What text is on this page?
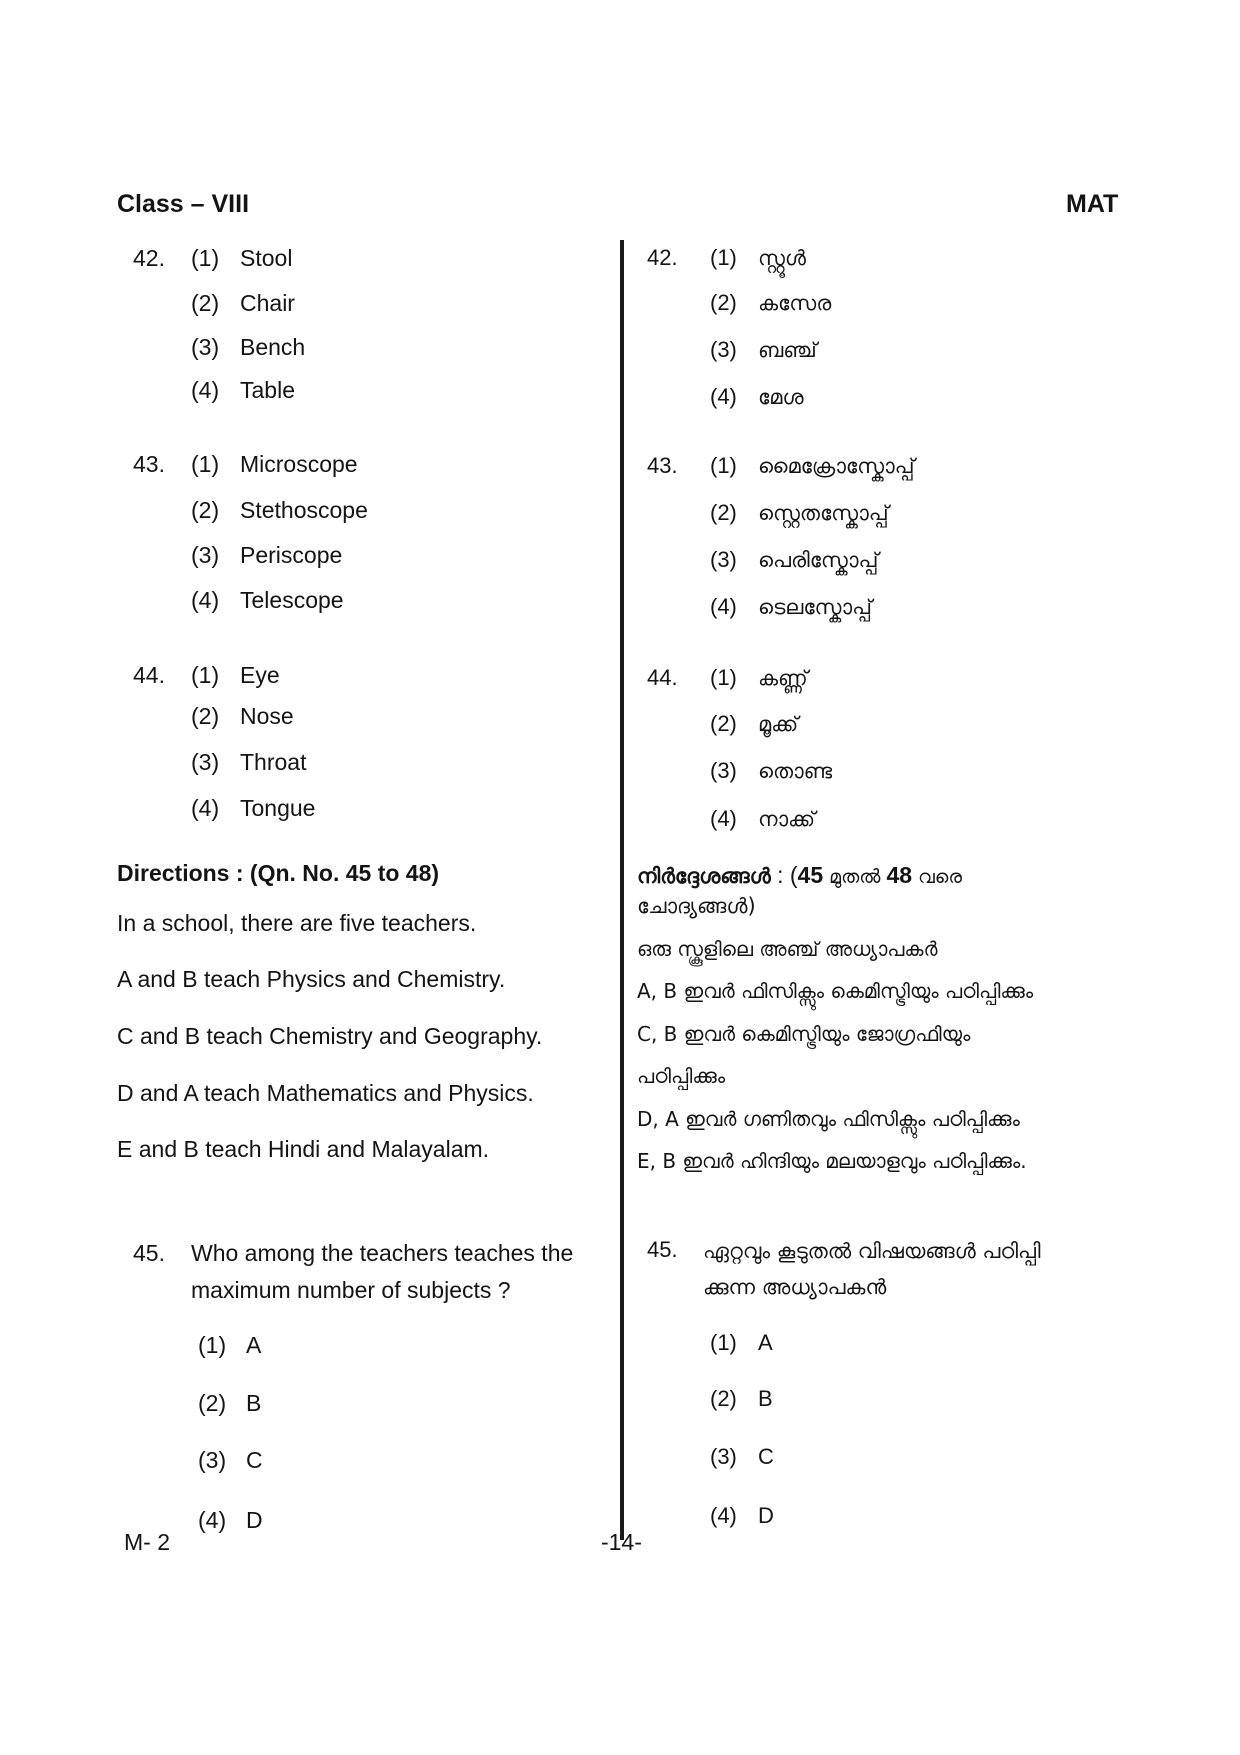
Class – VIII	MAT
42. (1) Stool
(2) Chair
(3) Bench
(4) Table
43. (1) Microscope
(2) Stethoscope
(3) Periscope
(4) Telescope
44. (1) Eye
(2) Nose
(3) Throat
(4) Tongue
Directions : (Qn. No. 45 to 48)
In a school, there are five teachers.
A and B teach Physics and Chemistry.
C and B teach Chemistry and Geography.
D and A teach Mathematics and Physics.
E and B teach Hindi and Malayalam.
45. Who among the teachers teaches the
maximum number of subjects ?
(1) A
(2) B
(3) C
(4) D
42. (1) സ്റ്റൂൾ
(2) കസേര
(3) ബഞ്ച്
(4) മേശ
43. (1) മൈക്രോസ്കോപ്പ്
(2) സ്റ്റെതസ്കോപ്പ്
(3) പെരിസ്കോപ്പ്
(4) ടെലസ്കോപ്പ്
44. (1) കണ്ണ്
(2) മൂക്ക്
(3) തൊണ്ട
(4) നാക്ക്
നിർദ്ദേശങ്ങൾ : (45 മുതൽ 48 വരെ
ചോദ്യങ്ങൾ)
ഒരു സ്കൂളിലെ അഞ്ച് അധ്യാപകർ
A, B ഇവർ ഫിസിക്സും കെമിസ്ട്രിയും പഠിപ്പിക്കും
C, B ഇവർ കെമിസ്ട്രിയും ജോഗ്രഫിയും
പഠിപ്പിക്കും
D, A ഇവർ ഗണിതവും ഫിസിക്സും പഠിപ്പിക്കും
E, B ഇവർ ഹിന്ദിയും മലയാളവും പഠിപ്പിക്കും.
45. ഏറ്റവും കൂടുതൽ വിഷയങ്ങൾ പഠിപ്പി
ക്കുന്ന അധ്യാപകൻ
(1) A
(2) B
(3) C
(4) D
M- 2	-14-
